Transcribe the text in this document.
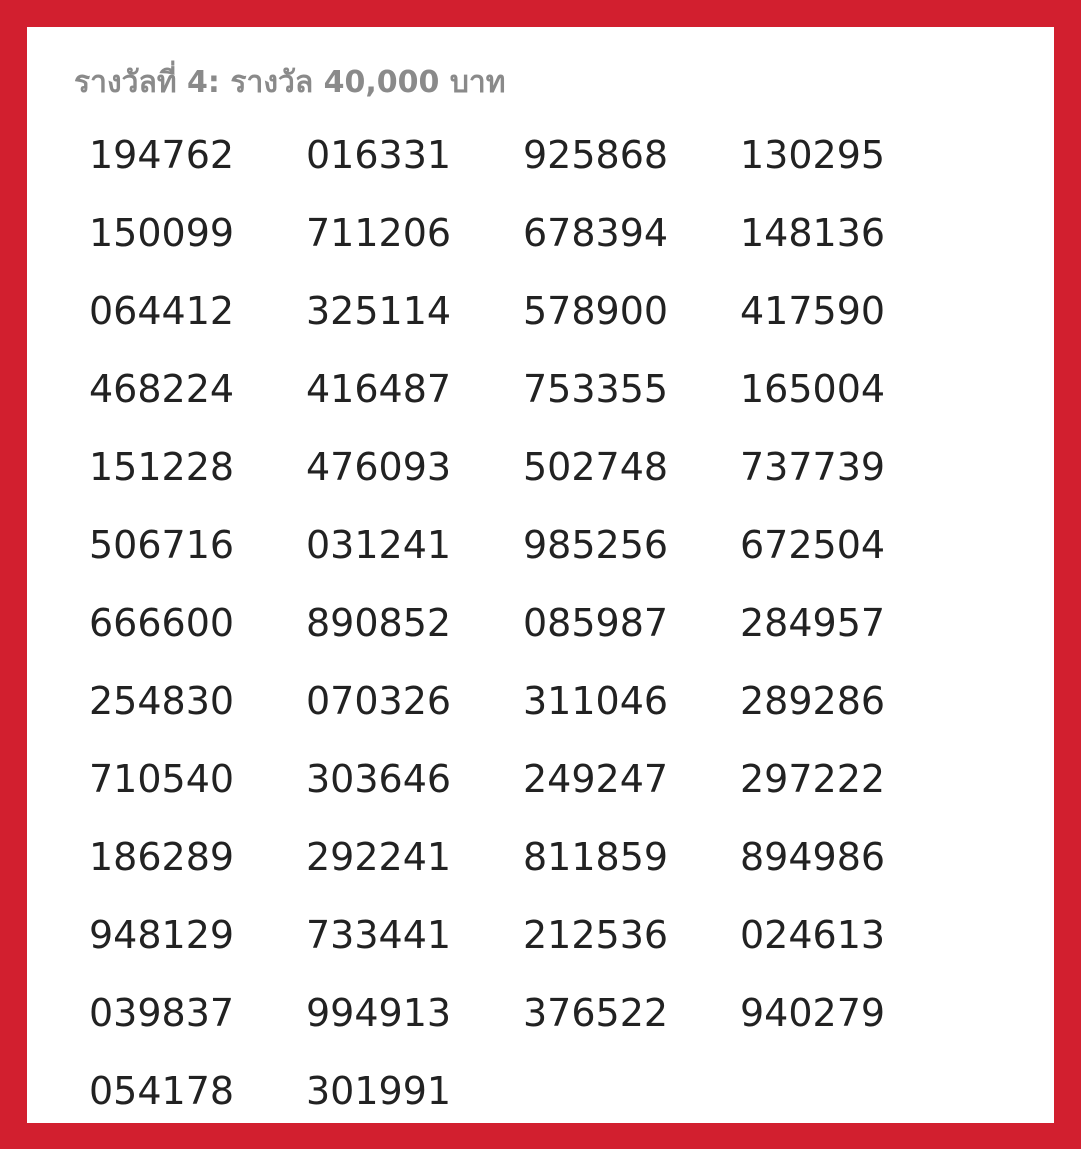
รางวัลที่ 4: รางวัล 40,000 บาท
194762	016331	925868	130295
150099	711206	678394	148136
064412	325114	578900	417590
468224	416487	753355	165004
151228	476093	502748	737739
506716	031241	985256	672504
666600	890852	085987	284957
254830	070326	311046	289286
710540	303646	249247	297222
186289	292241	811859	894986
948129	733441	212536	024613
039837	994913	376522	940279
054178	301991
